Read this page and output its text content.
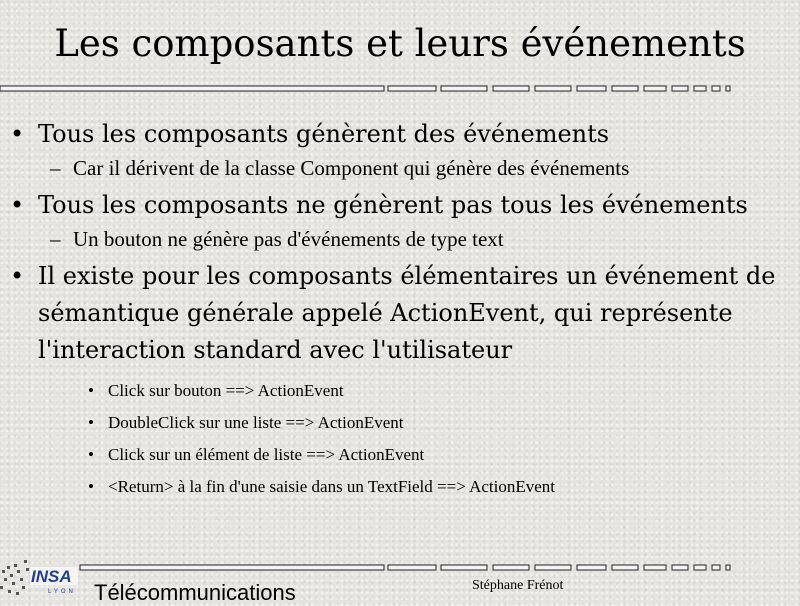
Les composants et leurs événements
• Tous les composants génèrent des événements
– Car il dérivent de la classe Component qui génère des événements
• Tous les composants ne génèrent pas tous les événements
– Un bouton ne génère pas d'événements de type text
• Il existe pour les composants élémentaires un événement de sémantique générale appelé ActionEvent, qui représente l'interaction standard avec l'utilisateur
• Click sur bouton ==> ActionEvent
• DoubleClick sur une liste ==> ActionEvent
• Click sur un élément de liste ==> ActionEvent
• <Return> à la fin d'une saisie dans un TextField ==> ActionEvent
INSA
LYON Télécommunications	Stéphane Frénot
